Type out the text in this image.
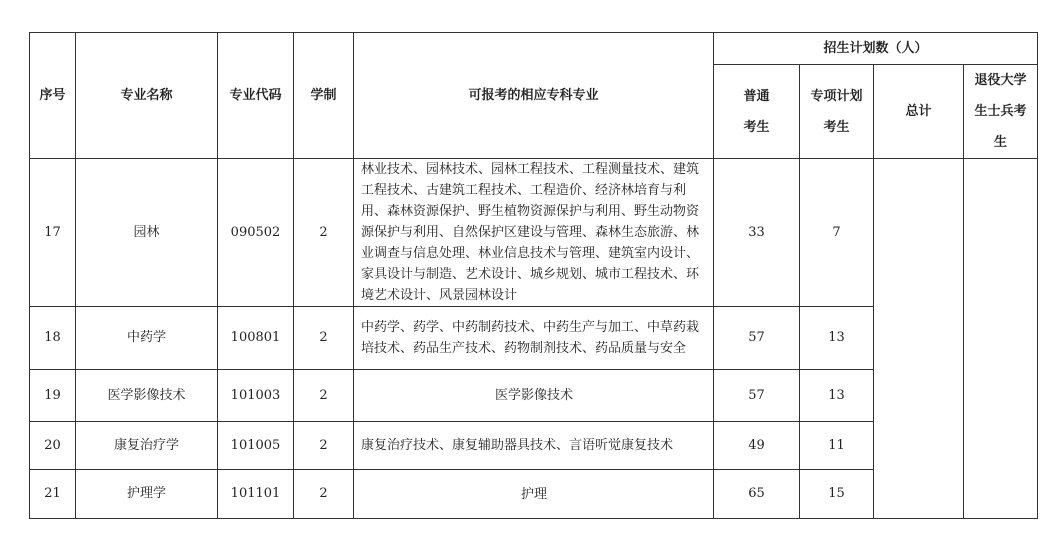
序号	专业名称	专业代码	学制	可报考的相应专科专业	招生计划数（人）			
					普通考生	专项计划考生	总计	退役大学生士兵考生
17	园林	090502	2	林业技术、园林技术、园林工程技术、工程测量技术、建筑工程技术、古建筑工程技术、工程造价、经济林培育与利用、森林资源保护、野生植物资源保护与利用、野生动物资源保护与利用、自然保护区建设与管理、森林生态旅游、林业调查与信息处理、林业信息技术与管理、建筑室内设计、家具设计与制造、艺术设计、城乡规划、城市工程技术、环境艺术设计、风景园林设计	33	7		
18	中药学	100801	2	中药学、药学、中药制药技术、中药生产与加工、中草药栽培技术、药品生产技术、药物制剂技术、药品质量与安全	57	13		
19	医学影像技术	101003	2	医学影像技术	57	13		
20	康复治疗学	101005	2	康复治疗技术、康复辅助器具技术、言语听觉康复技术	49	11		
21	护理学	101101	2	护理	65	15		
